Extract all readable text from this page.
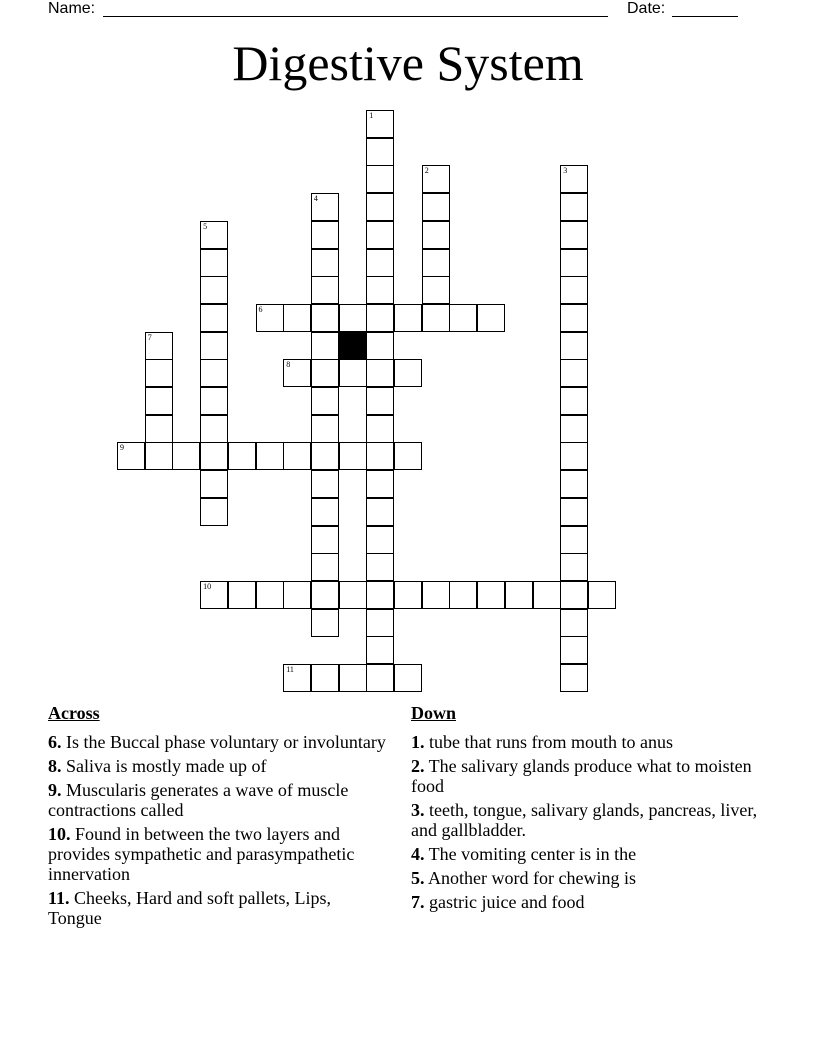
Name:	Date:
Digestive System
1
2	3
4
5
6
7
8
9
10
11
Across
6. Is the Buccal phase voluntary or involuntary
8. Saliva is mostly made up of
9. Muscularis generates a wave of muscle contractions called
10. Found in between the two layers and provides sympathetic and parasympathetic innervation
11. Cheeks, Hard and soft pallets, Lips, Tongue
Down
1. tube that runs from mouth to anus
2. The salivary glands produce what to moisten food
3. teeth, tongue, salivary glands, pancreas, liver, and gallbladder.
4. The vomiting center is in the
5. Another word for chewing is
7. gastric juice and food
